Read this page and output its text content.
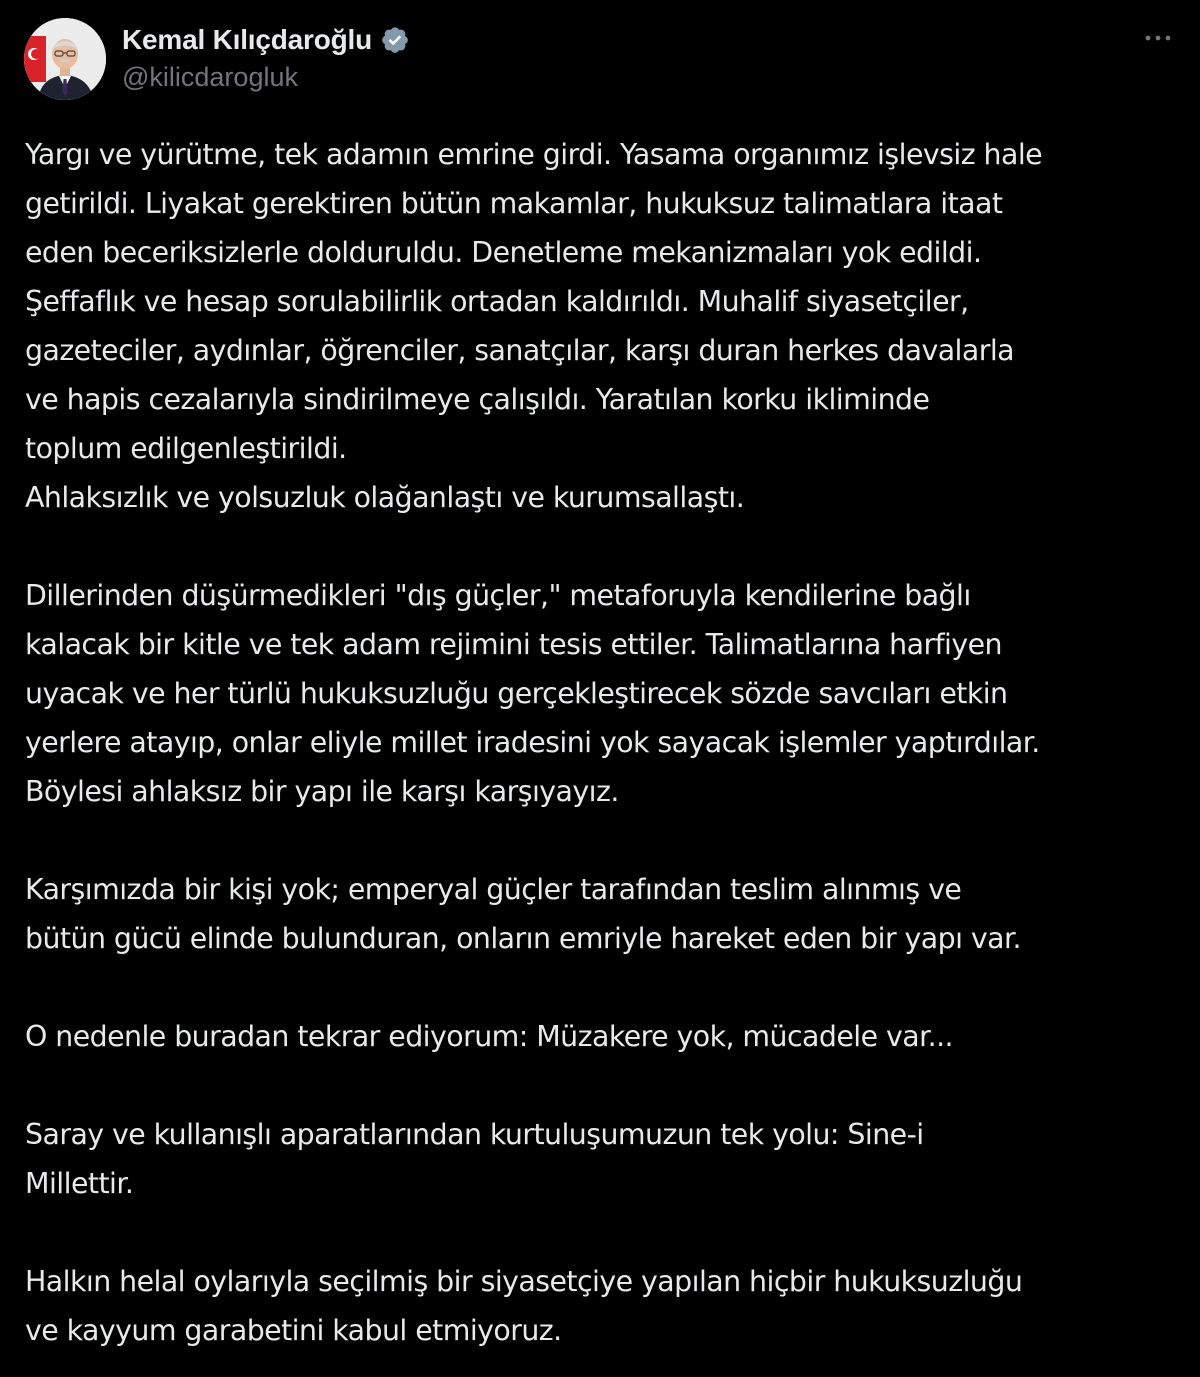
Kemal Kılıçdaroğlu
@kilicdarogluk

Yargı ve yürütme, tek adamın emrine girdi. Yasama organımız işlevsiz hale
getirildi. Liyakat gerektiren bütün makamlar, hukuksuz talimatlara itaat
eden beceriksizlerle dolduruldu. Denetleme mekanizmaları yok edildi.
Şeffaflık ve hesap sorulabilirlik ortadan kaldırıldı. Muhalif siyasetçiler,
gazeteciler, aydınlar, öğrenciler, sanatçılar, karşı duran herkes davalarla
ve hapis cezalarıyla sindirilmeye çalışıldı. Yaratılan korku ikliminde
toplum edilgenleştirildi.
Ahlaksızlık ve yolsuzluk olağanlaştı ve kurumsallaştı.

Dillerinden düşürmedikleri "dış güçler," metaforuyla kendilerine bağlı
kalacak bir kitle ve tek adam rejimini tesis ettiler. Talimatlarına harfiyen
uyacak ve her türlü hukuksuzluğu gerçekleştirecek sözde savcıları etkin
yerlere atayıp, onlar eliyle millet iradesini yok sayacak işlemler yaptırdılar.
Böylesi ahlaksız bir yapı ile karşı karşıyayız.

Karşımızda bir kişi yok; emperyal güçler tarafından teslim alınmış ve
bütün gücü elinde bulunduran, onların emriyle hareket eden bir yapı var.

O nedenle buradan tekrar ediyorum: Müzakere yok, mücadele var...

Saray ve kullanışlı aparatlarından kurtuluşumuzun tek yolu: Sine-i
Millettir.

Halkın helal oylarıyla seçilmiş bir siyasetçiye yapılan hiçbir hukuksuzluğu
ve kayyum garabetini kabul etmiyoruz.
